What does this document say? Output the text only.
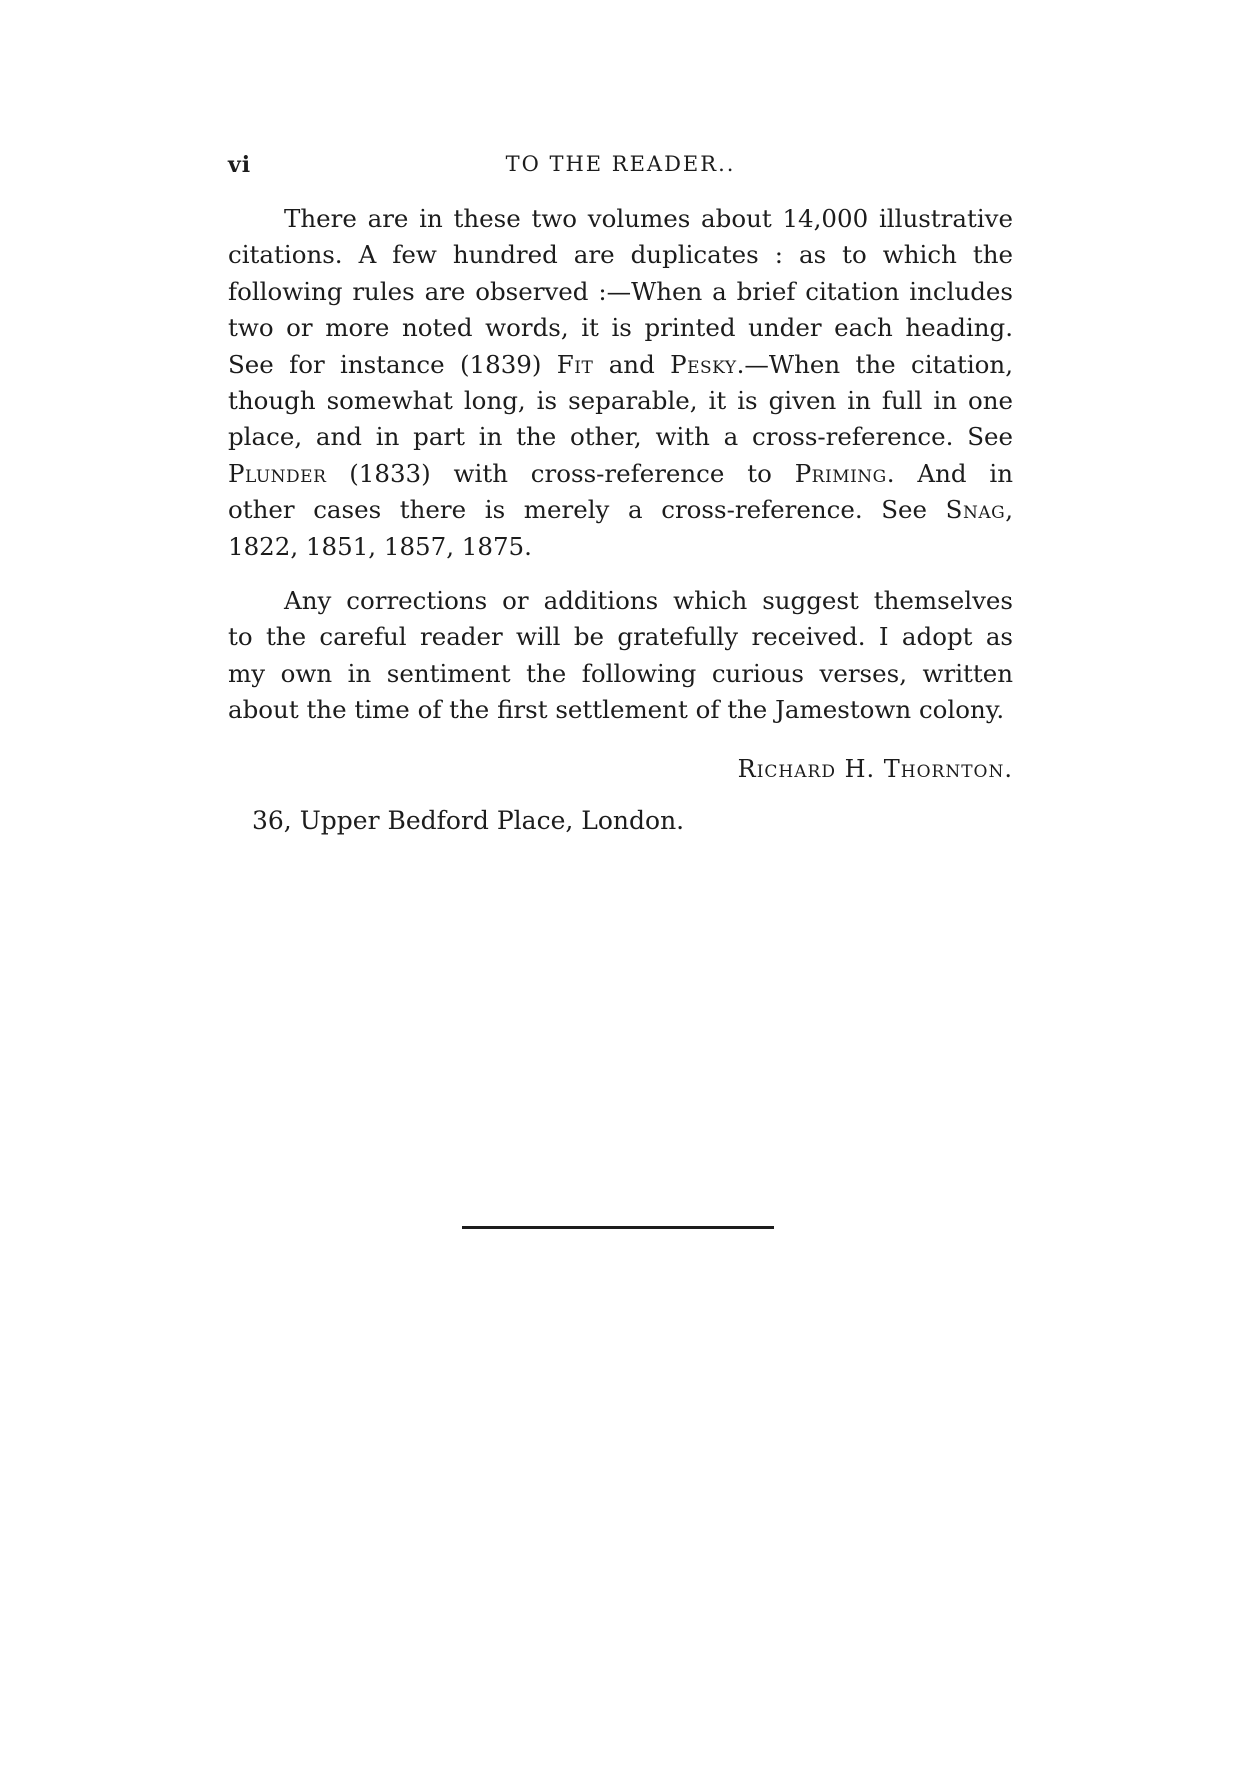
vi	TO THE READER..
There are in these two volumes about 14,000 illustrative
citations. A few hundred are duplicates : as to which the
following rules are observed :—When a brief citation includes
two or more noted words, it is printed under each heading.
See for instance (1839) Fit and Pesky.—When the citation,
though somewhat long, is separable, it is given in full in one
place, and in part in the other, with a cross-reference. See
Plunder (1833) with cross-reference to Priming. And in
other cases there is merely a cross-reference. See Snag,
1822, 1851, 1857, 1875.
Any corrections or additions which suggest themselves
to the careful reader will be gratefully received. I adopt as
my own in sentiment the following curious verses, written
about the time of the first settlement of the Jamestown colony.
Richard H. Thornton.
36, Upper Bedford Place, London.
